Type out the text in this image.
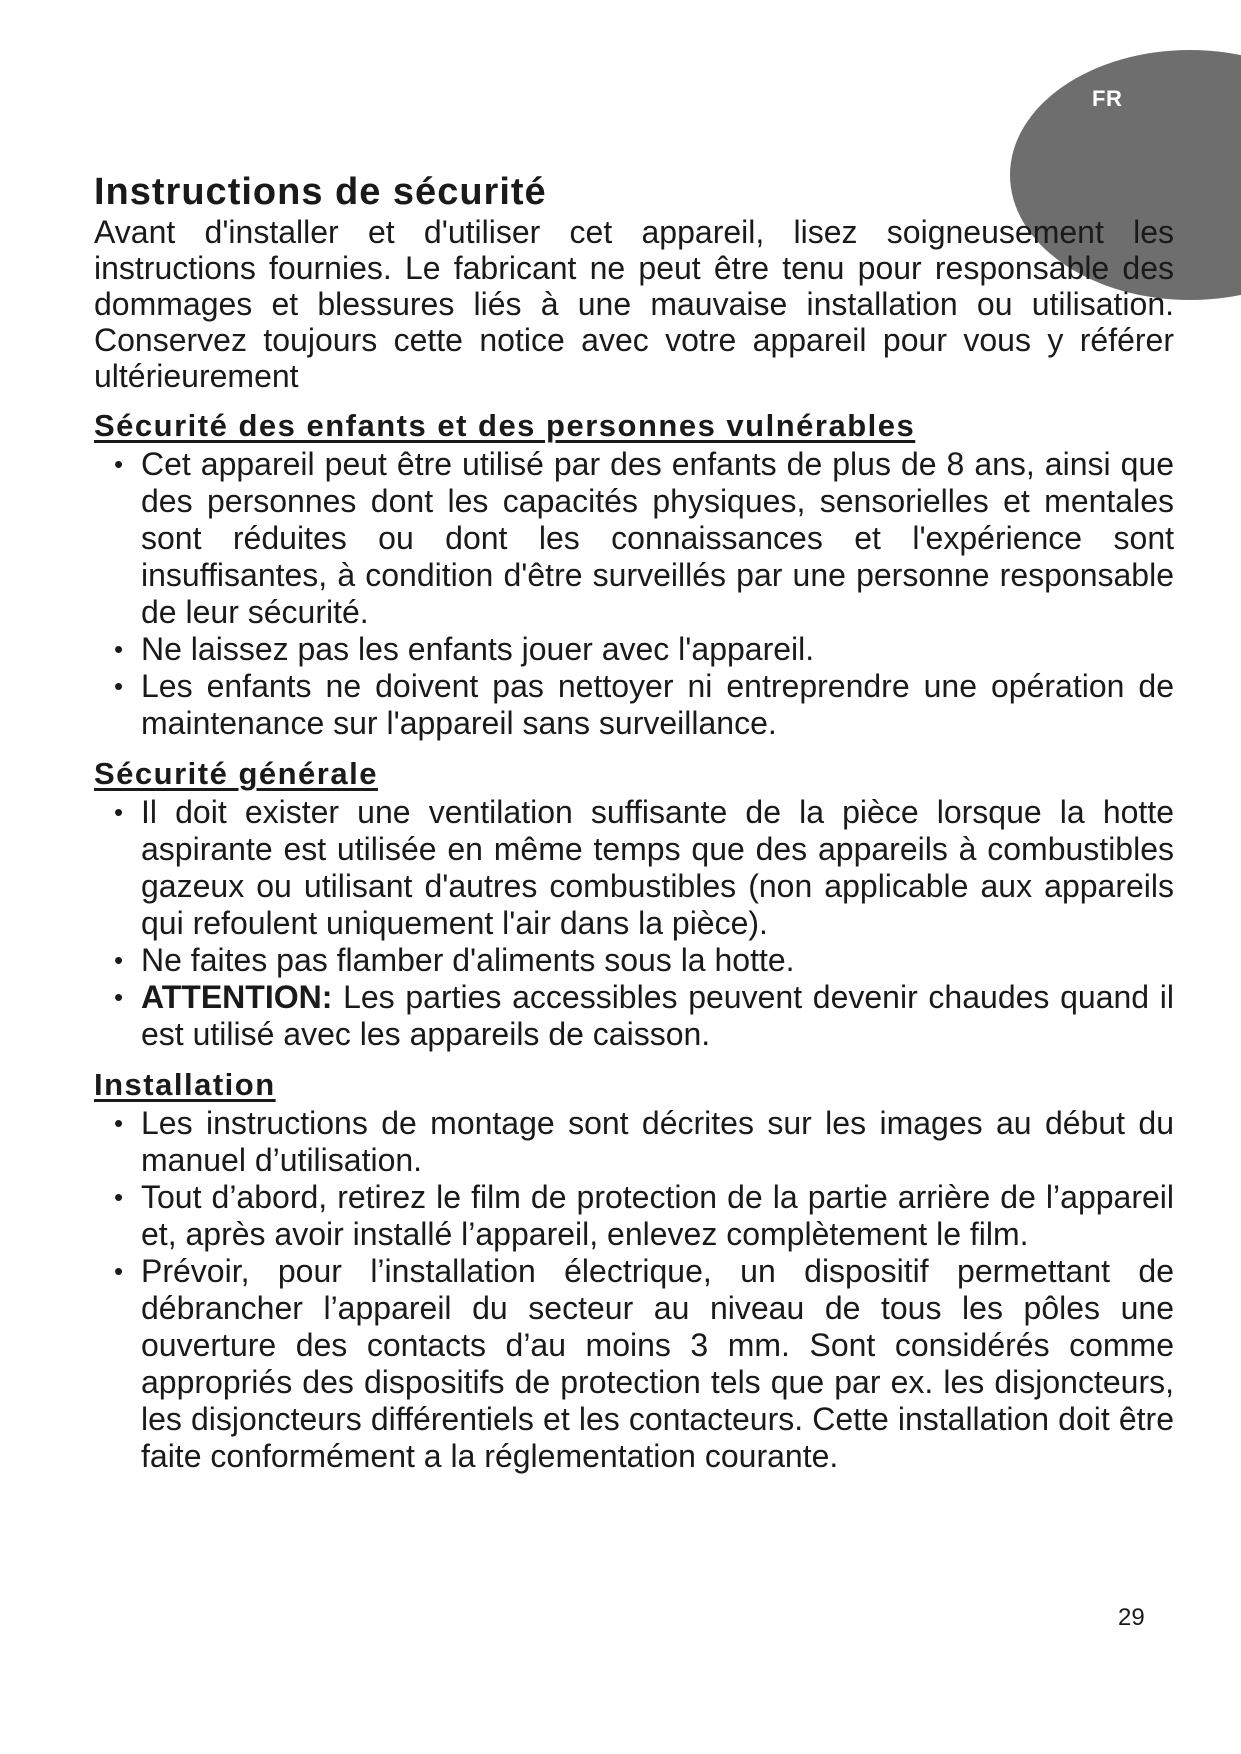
FR
Instructions de sécurité

Avant d'installer et d'utiliser cet appareil, lisez soigneusement les instructions fournies. Le fabricant ne peut être tenu pour responsable des dommages et blessures liés à une mauvaise installation ou utilisation. Conservez toujours cette notice avec votre appareil pour vous y référer ultérieurement

Sécurité des enfants et des personnes vulnérables
• Cet appareil peut être utilisé par des enfants de plus de 8 ans, ainsi que des personnes dont les capacités physiques, sensorielles et mentales sont réduites ou dont les connaissances et l'expérience sont insuffisantes, à condition d'être surveillés par une personne responsable de leur sécurité.
• Ne laissez pas les enfants jouer avec l'appareil.
• Les enfants ne doivent pas nettoyer ni entreprendre une opération de maintenance sur l'appareil sans surveillance.
Sécurité générale
• Il doit exister une ventilation suffisante de la pièce lorsque la hotte aspirante est utilisée en même temps que des appareils à combustibles gazeux ou utilisant d'autres combustibles (non applicable aux appareils qui refoulent uniquement l'air dans la pièce).
• Ne faites pas flamber d'aliments sous la hotte.
• ATTENTION: Les parties accessibles peuvent devenir chaudes quand il est utilisé avec les appareils de caisson.
Installation
• Les instructions de montage sont décrites sur les images au début du manuel d’utilisation.
• Tout d’abord, retirez le film de protection de la partie arrière de l’appareil et, après avoir installé l’appareil, enlevez complètement le film.
• Prévoir, pour l’installation électrique, un dispositif permettant de débrancher l’appareil du secteur au niveau de tous les pôles une ouverture des contacts d’au moins 3 mm. Sont considérés comme appropriés des dispositifs de protection tels que par ex. les disjoncteurs, les disjoncteurs différentiels et les contacteurs. Cette installation doit être faite conformément a la réglementation courante.
29
